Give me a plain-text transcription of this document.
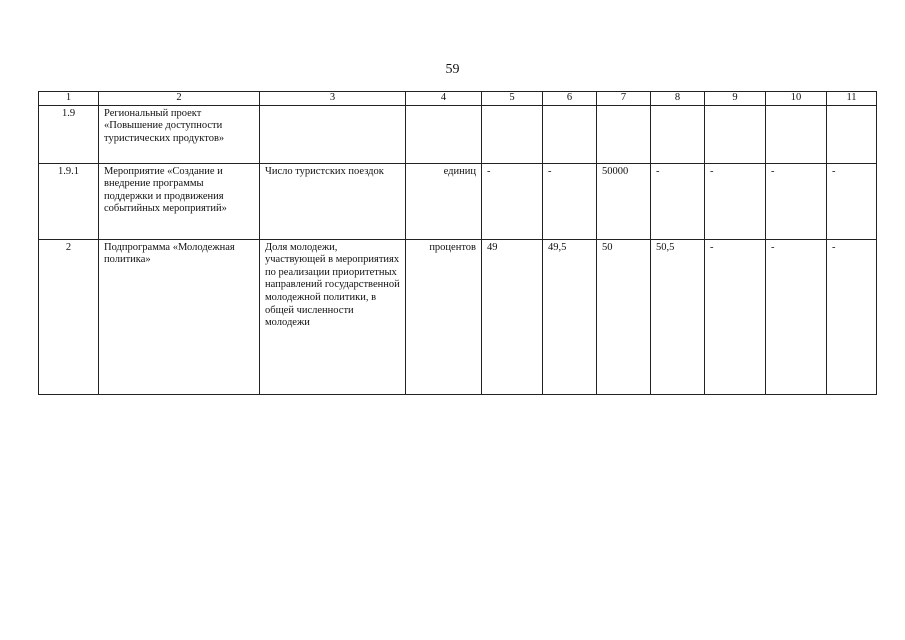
59
1	2	3	4	5	6	7	8	9	10	11
1.9	Региональный проект «Повышение доступности туристических продуктов»									
1.9.1	Мероприятие «Создание и внедрение программы поддержки и продвижения событийных мероприятий»	Число туристских поездок	единиц	-	-	50000	-	-	-	-
2	Подпрограмма «Молодежная политика»	Доля молодежи, участвующей в мероприятиях по реализации приоритетных направлений государственной молодежной политики, в общей численности молодежи	процентов	49	49,5	50	50,5	-	-	-
